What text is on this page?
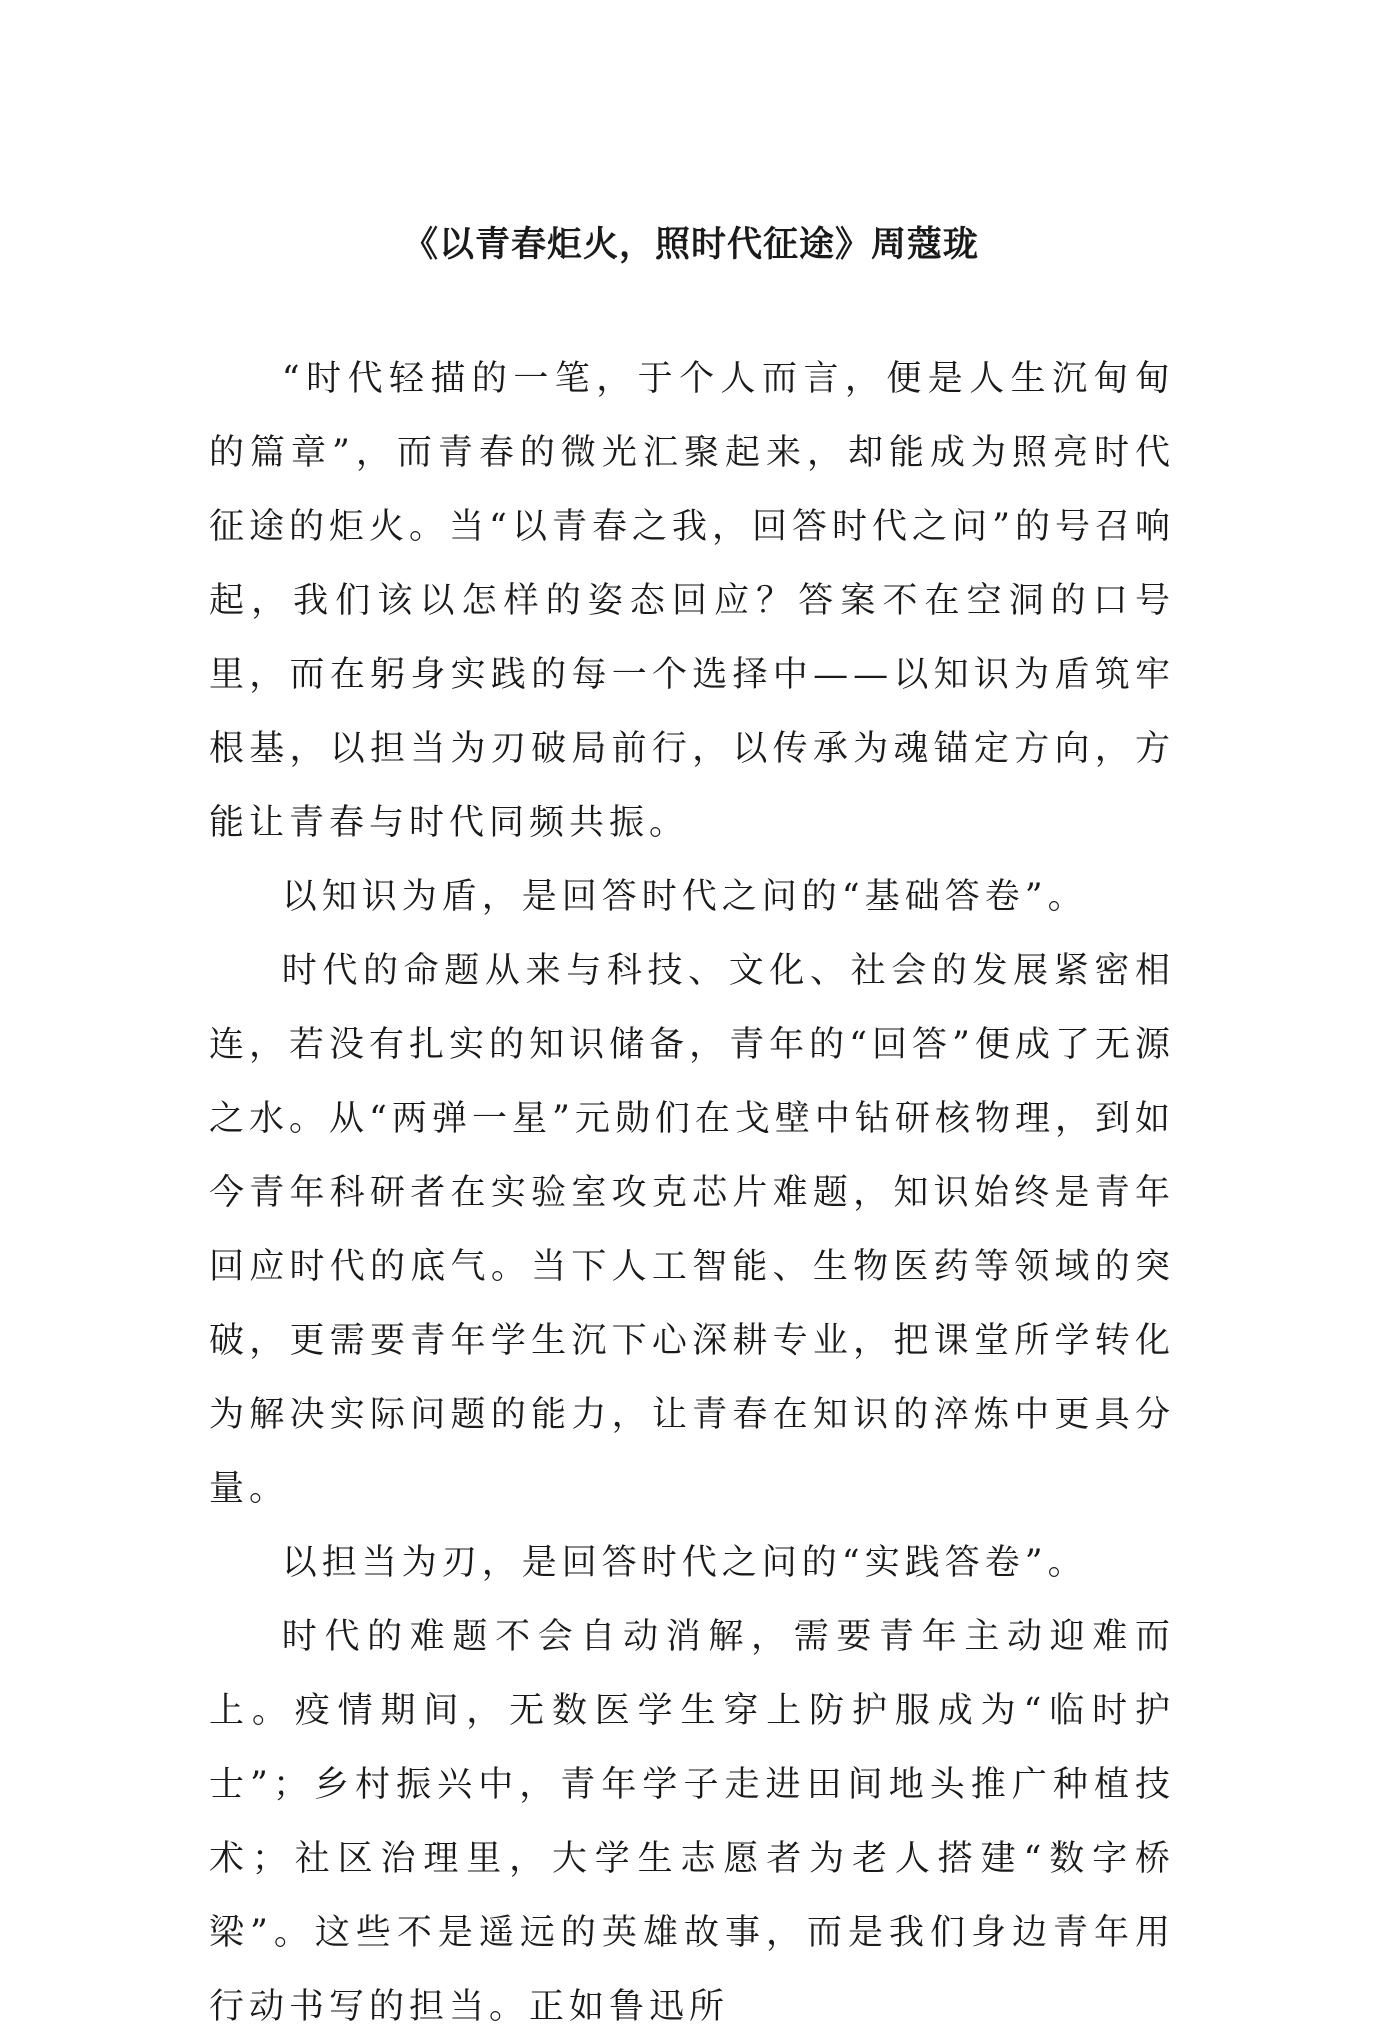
《以青春炬火，照时代征途》周蔻珑

“时代轻描的一笔，于个人而言，便是人生沉甸甸的篇章”，而青春的微光汇聚起来，却能成为照亮时代征途的炬火。当“以青春之我，回答时代之问”的号召响起，我们该以怎样的姿态回应？答案不在空洞的口号里，而在躬身实践的每一个选择中——以知识为盾筑牢根基，以担当为刃破局前行，以传承为魂锚定方向，方能让青春与时代同频共振。

以知识为盾，是回答时代之问的“基础答卷”。

时代的命题从来与科技、文化、社会的发展紧密相连，若没有扎实的知识储备，青年的“回答”便成了无源之水。从“两弹一星”元勋们在戈壁中钻研核物理，到如今青年科研者在实验室攻克芯片难题，知识始终是青年回应时代的底气。当下人工智能、生物医药等领域的突破，更需要青年学生沉下心深耕专业，把课堂所学转化为解决实际问题的能力，让青春在知识的淬炼中更具分量。

以担当为刃，是回答时代之问的“实践答卷”。

时代的难题不会自动消解，需要青年主动迎难而上。疫情期间，无数医学生穿上防护服成为“临时护士”；乡村振兴中，青年学子走进田间地头推广种植技术；社区治理里，大学生志愿者为老人搭建“数字桥梁”。这些不是遥远的英雄故事，而是我们身边青年用行动书写的担当。正如鲁迅所
